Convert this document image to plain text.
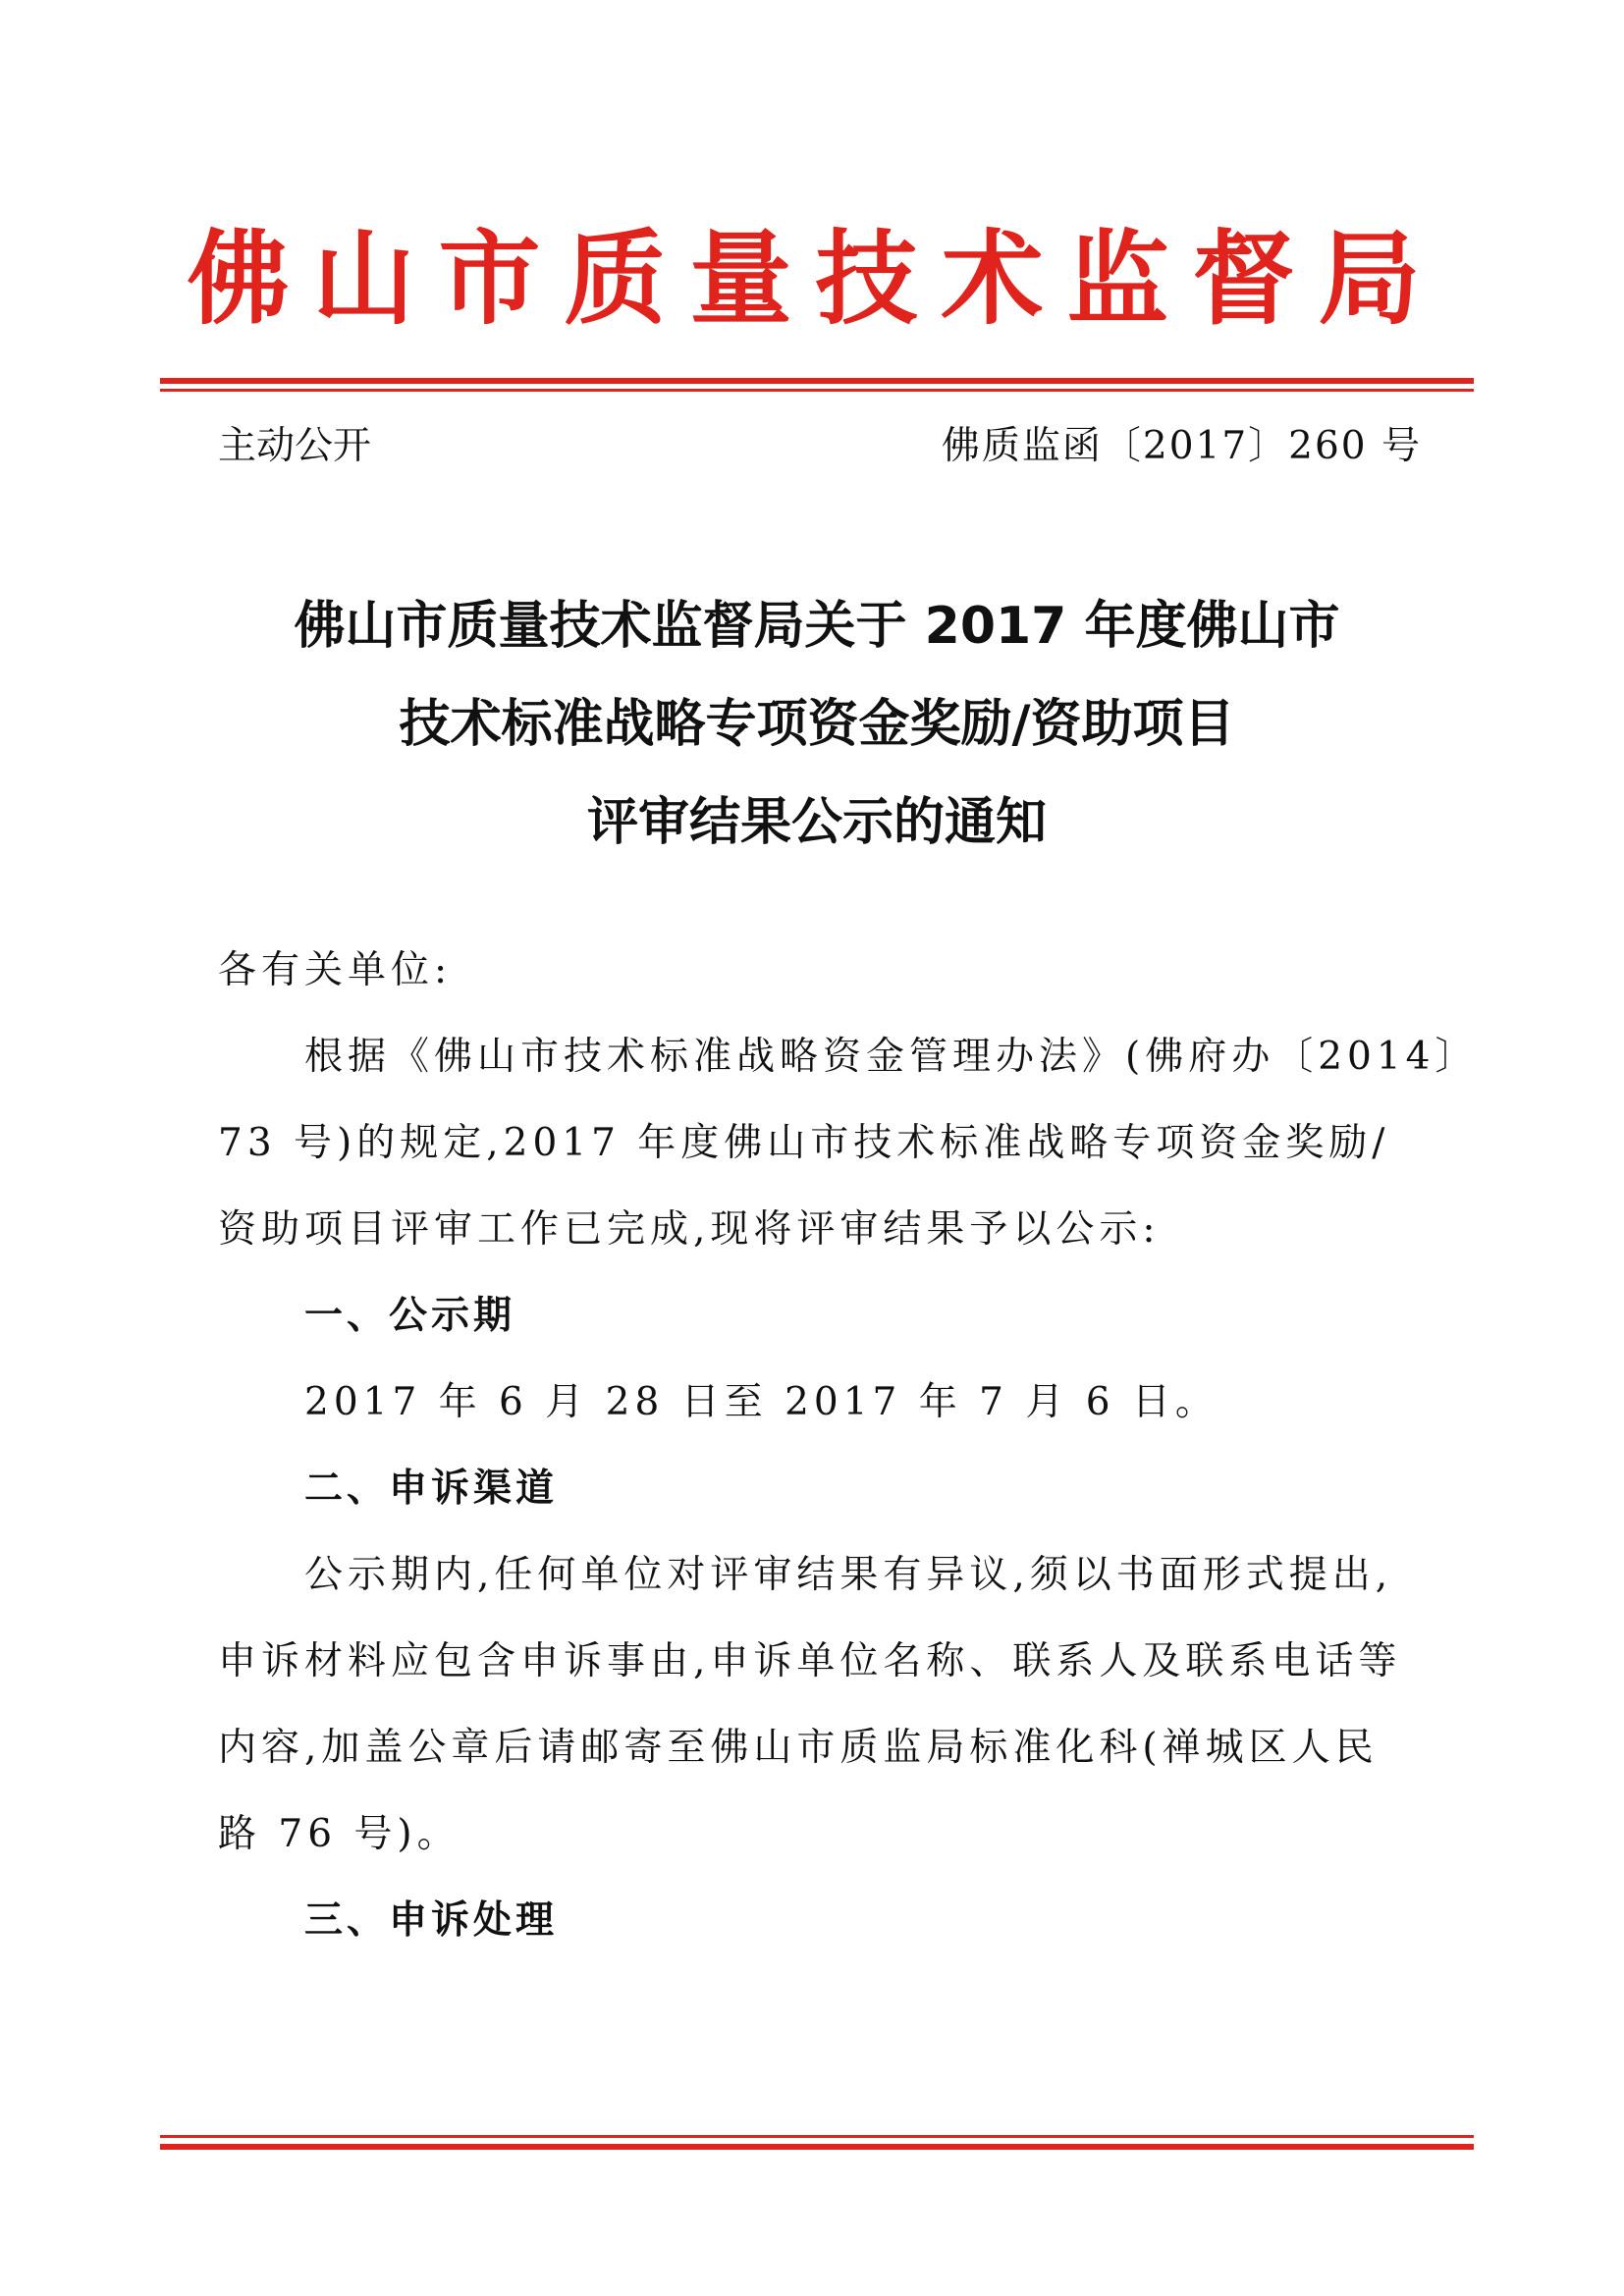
佛山市质量技术监督局
主动公开	佛质监函〔2017〕260 号
佛山市质量技术监督局关于 2017 年度佛山市
技术标准战略专项资金奖励/资助项目
评审结果公示的通知
各有关单位:
根据《佛山市技术标准战略资金管理办法》(佛府办〔2014〕
73 号)的规定,2017 年度佛山市技术标准战略专项资金奖励/
资助项目评审工作已完成,现将评审结果予以公示:
一、公示期
2017 年 6 月 28 日至 2017 年 7 月 6 日。
二、申诉渠道
公示期内,任何单位对评审结果有异议,须以书面形式提出,
申诉材料应包含申诉事由,申诉单位名称、联系人及联系电话等
内容,加盖公章后请邮寄至佛山市质监局标准化科(禅城区人民
路 76 号)。
三、申诉处理
